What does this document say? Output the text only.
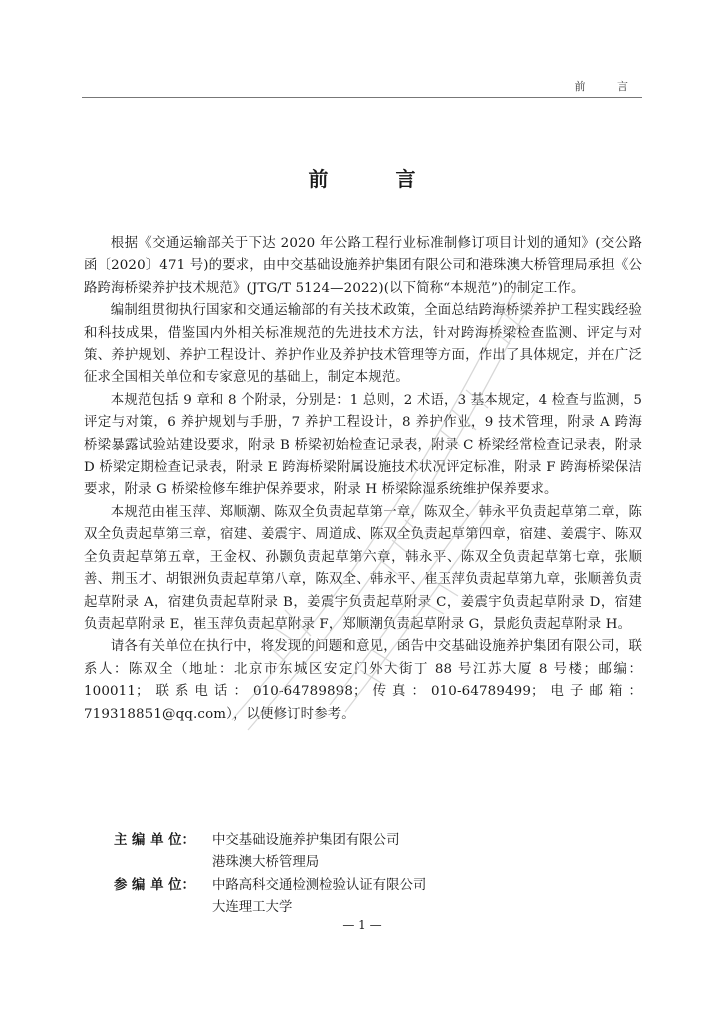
前 言
前 言

根据《交通运输部关于下达 2020 年公路工程行业标准制修订项目计划的通知》(交公路函〔2020〕471 号)的要求，由中交基础设施养护集团有限公司和港珠澳大桥管理局承担《公路跨海桥梁养护技术规范》(JTG/T 5124—2022)(以下简称“本规范”)的制定工作。

编制组贯彻执行国家和交通运输部的有关技术政策，全面总结跨海桥梁养护工程实践经验和科技成果，借鉴国内外相关标准规范的先进技术方法，针对跨海桥梁检查监测、评定与对策、养护规划、养护工程设计、养护作业及养护技术管理等方面，作出了具体规定，并在广泛征求全国相关单位和专家意见的基础上，制定本规范。

本规范包括 9 章和 8 个附录，分别是：1 总则，2 术语，3 基本规定，4 检查与监测，5 评定与对策，6 养护规划与手册，7 养护工程设计，8 养护作业，9 技术管理，附录 A 跨海桥梁暴露试验站建设要求，附录 B 桥梁初始检查记录表，附录 C 桥梁经常检查记录表，附录 D 桥梁定期检查记录表，附录 E 跨海桥梁附属设施技术状况评定标准，附录 F 跨海桥梁保洁要求，附录 G 桥梁检修车维护保养要求，附录 H 桥梁除湿系统维护保养要求。

本规范由崔玉萍、郑顺潮、陈双全负责起草第一章，陈双全、韩永平负责起草第二章，陈双全负责起草第三章，宿建、姜震宇、周道成、陈双全负责起草第四章，宿建、姜震宇、陈双全负责起草第五章，王金权、孙颢负责起草第六章，韩永平、陈双全负责起草第七章，张顺善、荆玉才、胡银洲负责起草第八章，陈双全、韩永平、崔玉萍负责起草第九章，张顺善负责起草附录 A，宿建负责起草附录 B，姜震宇负责起草附录 C，姜震宇负责起草附录 D，宿建负责起草附录 E，崔玉萍负责起草附录 F，郑顺潮负责起草附录 G，景彪负责起草附录 H。

请各有关单位在执行中，将发现的问题和意见，函告中交基础设施养护集团有限公司，联系人：陈双全（地址：北京市东城区安定门外大街丁 88 号江苏大厦 8 号楼；邮编：100011；联系电话：010-64789898；传真：010-64789499；电子邮箱：719318851@qq.com），以便修订时参考。

主 编 单 位：	中交基础设施养护集团有限公司
港珠澳大桥管理局
参 编 单 位：	中路高科交通检测检验认证有限公司
大连理工大学
— 1 —
